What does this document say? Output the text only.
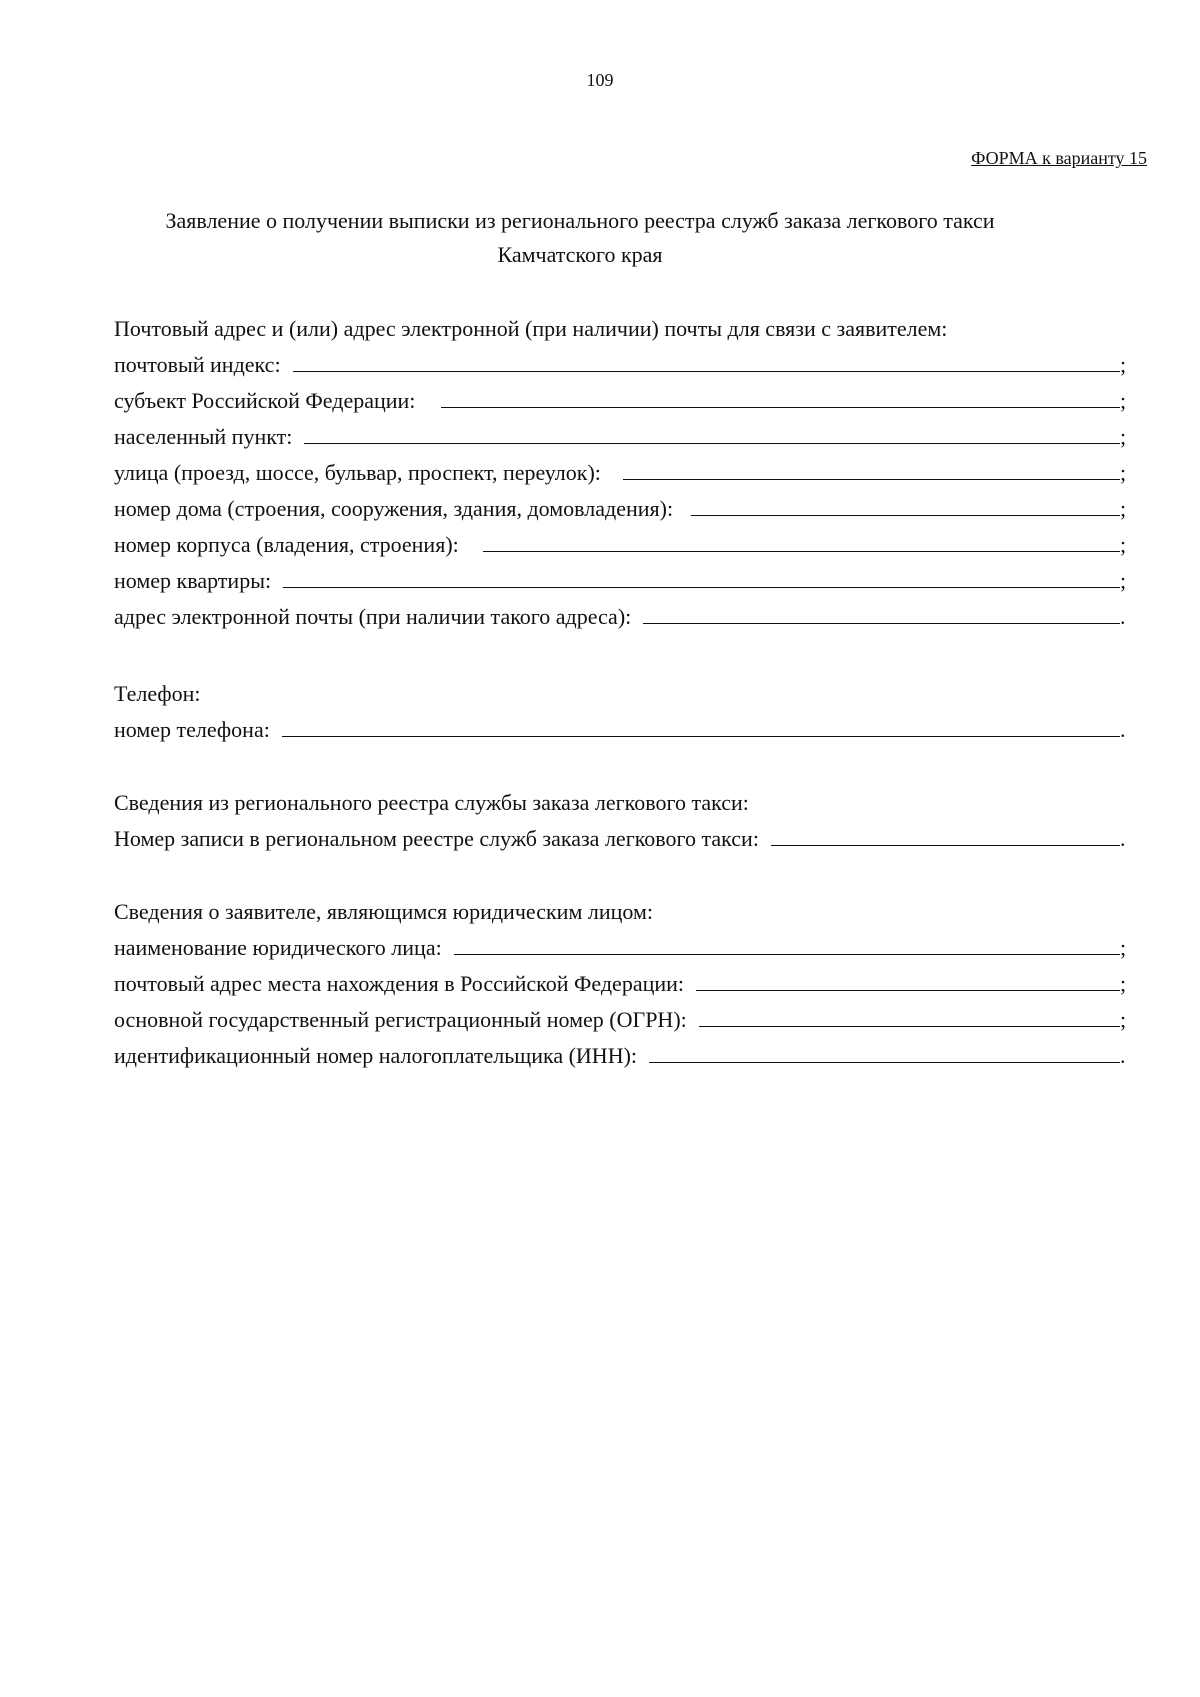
109
ФОРМА к варианту 15
Заявление о получении выписки из регионального реестра служб заказа легкового такси
Камчатского края
Почтовый адрес и (или) адрес электронной (при наличии) почты для связи с заявителем:
почтовый индекс:	;
субъект Российской Федерации:	;
населенный пункт:	;
улица (проезд, шоссе, бульвар, проспект, переулок):	;
номер дома (строения, сооружения, здания, домовладения):	;
номер корпуса (владения, строения):	;
номер квартиры:	;
адрес электронной почты (при наличии такого адреса):	.
Телефон:
номер телефона:	.
Сведения из регионального реестра службы заказа легкового такси:
Номер записи в региональном реестре служб заказа легкового такси:	.
Сведения о заявителе, являющимся юридическим лицом:
наименование юридического лица:	;
почтовый адрес места нахождения в Российской Федерации:	;
основной государственный регистрационный номер (ОГРН):	;
идентификационный номер налогоплательщика (ИНН):	.
